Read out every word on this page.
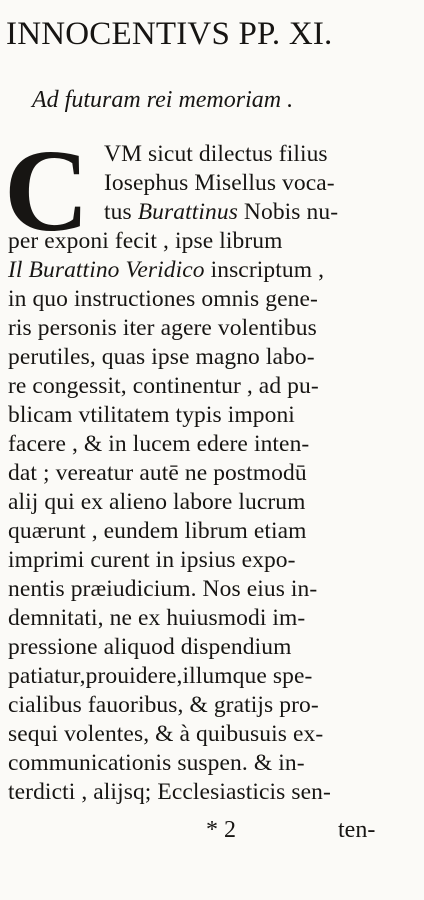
INNOCENTIVS PP. XI.
Ad futuram rei memoriam .
C VM sicut dilectus filius
Iosephus Misellus voca-
tus Burattinus Nobis nu-
per exponi fecit , ipse librum
Il Burattino Veridico inscriptum ,
in quo instructiones omnis gene-
ris personis iter agere volentibus
perutiles, quas ipse magno labo-
re congessit, continentur , ad pu-
blicam vtilitatem typis imponi
facere , & in lucem edere inten-
dat ; vereatur autē ne postmodū
alij qui ex alieno labore lucrum
quærunt , eundem librum etiam
imprimi curent in ipsius expo-
nentis præiudicium. Nos eius in-
demnitati, ne ex huiusmodi im-
pressione aliquod dispendium
patiatur,prouidere,illumque spe-
cialibus fauoribus, & gratijs pro-
sequi volentes, & à quibusuis ex-
communicationis suspen. & in-
terdicti , alijsq; Ecclesiasticis sen-
* 2	ten-
